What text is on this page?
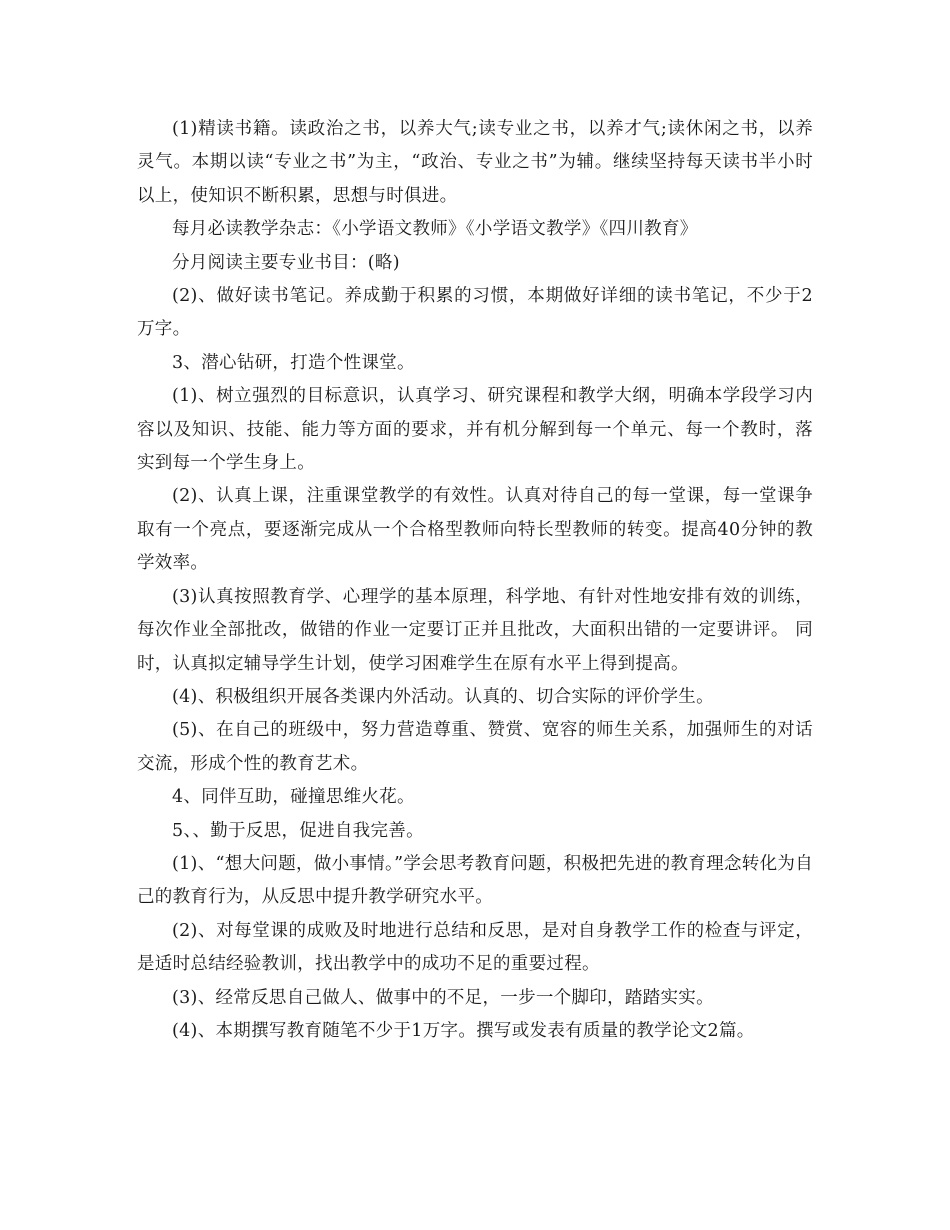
(1)精读书籍。读政治之书，以养大气;读专业之书，以养才气;读休闲之书，以养灵气。本期以读“专业之书”为主，“政治、专业之书”为辅。继续坚持每天读书半小时以上，使知识不断积累，思想与时俱进。

每月必读教学杂志：《小学语文教师》《小学语文教学》《四川教育》

分月阅读主要专业书目：(略)

(2)、做好读书笔记。养成勤于积累的习惯，本期做好详细的读书笔记，不少于2万字。

3、潜心钻研，打造个性课堂。

(1)、树立强烈的目标意识，认真学习、研究课程和教学大纲，明确本学段学习内容以及知识、技能、能力等方面的要求，并有机分解到每一个单元、每一个教时，落实到每一个学生身上。

(2)、认真上课，注重课堂教学的有效性。认真对待自己的每一堂课，每一堂课争取有一个亮点，要逐渐完成从一个合格型教师向特长型教师的转变。提高40分钟的教学效率。

(3)认真按照教育学、心理学的基本原理，科学地、有针对性地安排有效的训练，每次作业全部批改，做错的作业一定要订正并且批改，大面积出错的一定要讲评。 同时，认真拟定辅导学生计划，使学习困难学生在原有水平上得到提高。

(4)、积极组织开展各类课内外活动。认真的、切合实际的评价学生。

(5)、在自己的班级中，努力营造尊重、赞赏、宽容的师生关系，加强师生的对话交流，形成个性的教育艺术。

4、同伴互助，碰撞思维火花。

5、、勤于反思，促进自我完善。

(1)、“想大问题，做小事情。”学会思考教育问题，积极把先进的教育理念转化为自己的教育行为，从反思中提升教学研究水平。

(2)、对每堂课的成败及时地进行总结和反思，是对自身教学工作的检查与评定，是适时总结经验教训，找出教学中的成功不足的重要过程。

(3)、经常反思自己做人、做事中的不足，一步一个脚印，踏踏实实。

(4)、本期撰写教育随笔不少于1万字。撰写或发表有质量的教学论文2篇。
